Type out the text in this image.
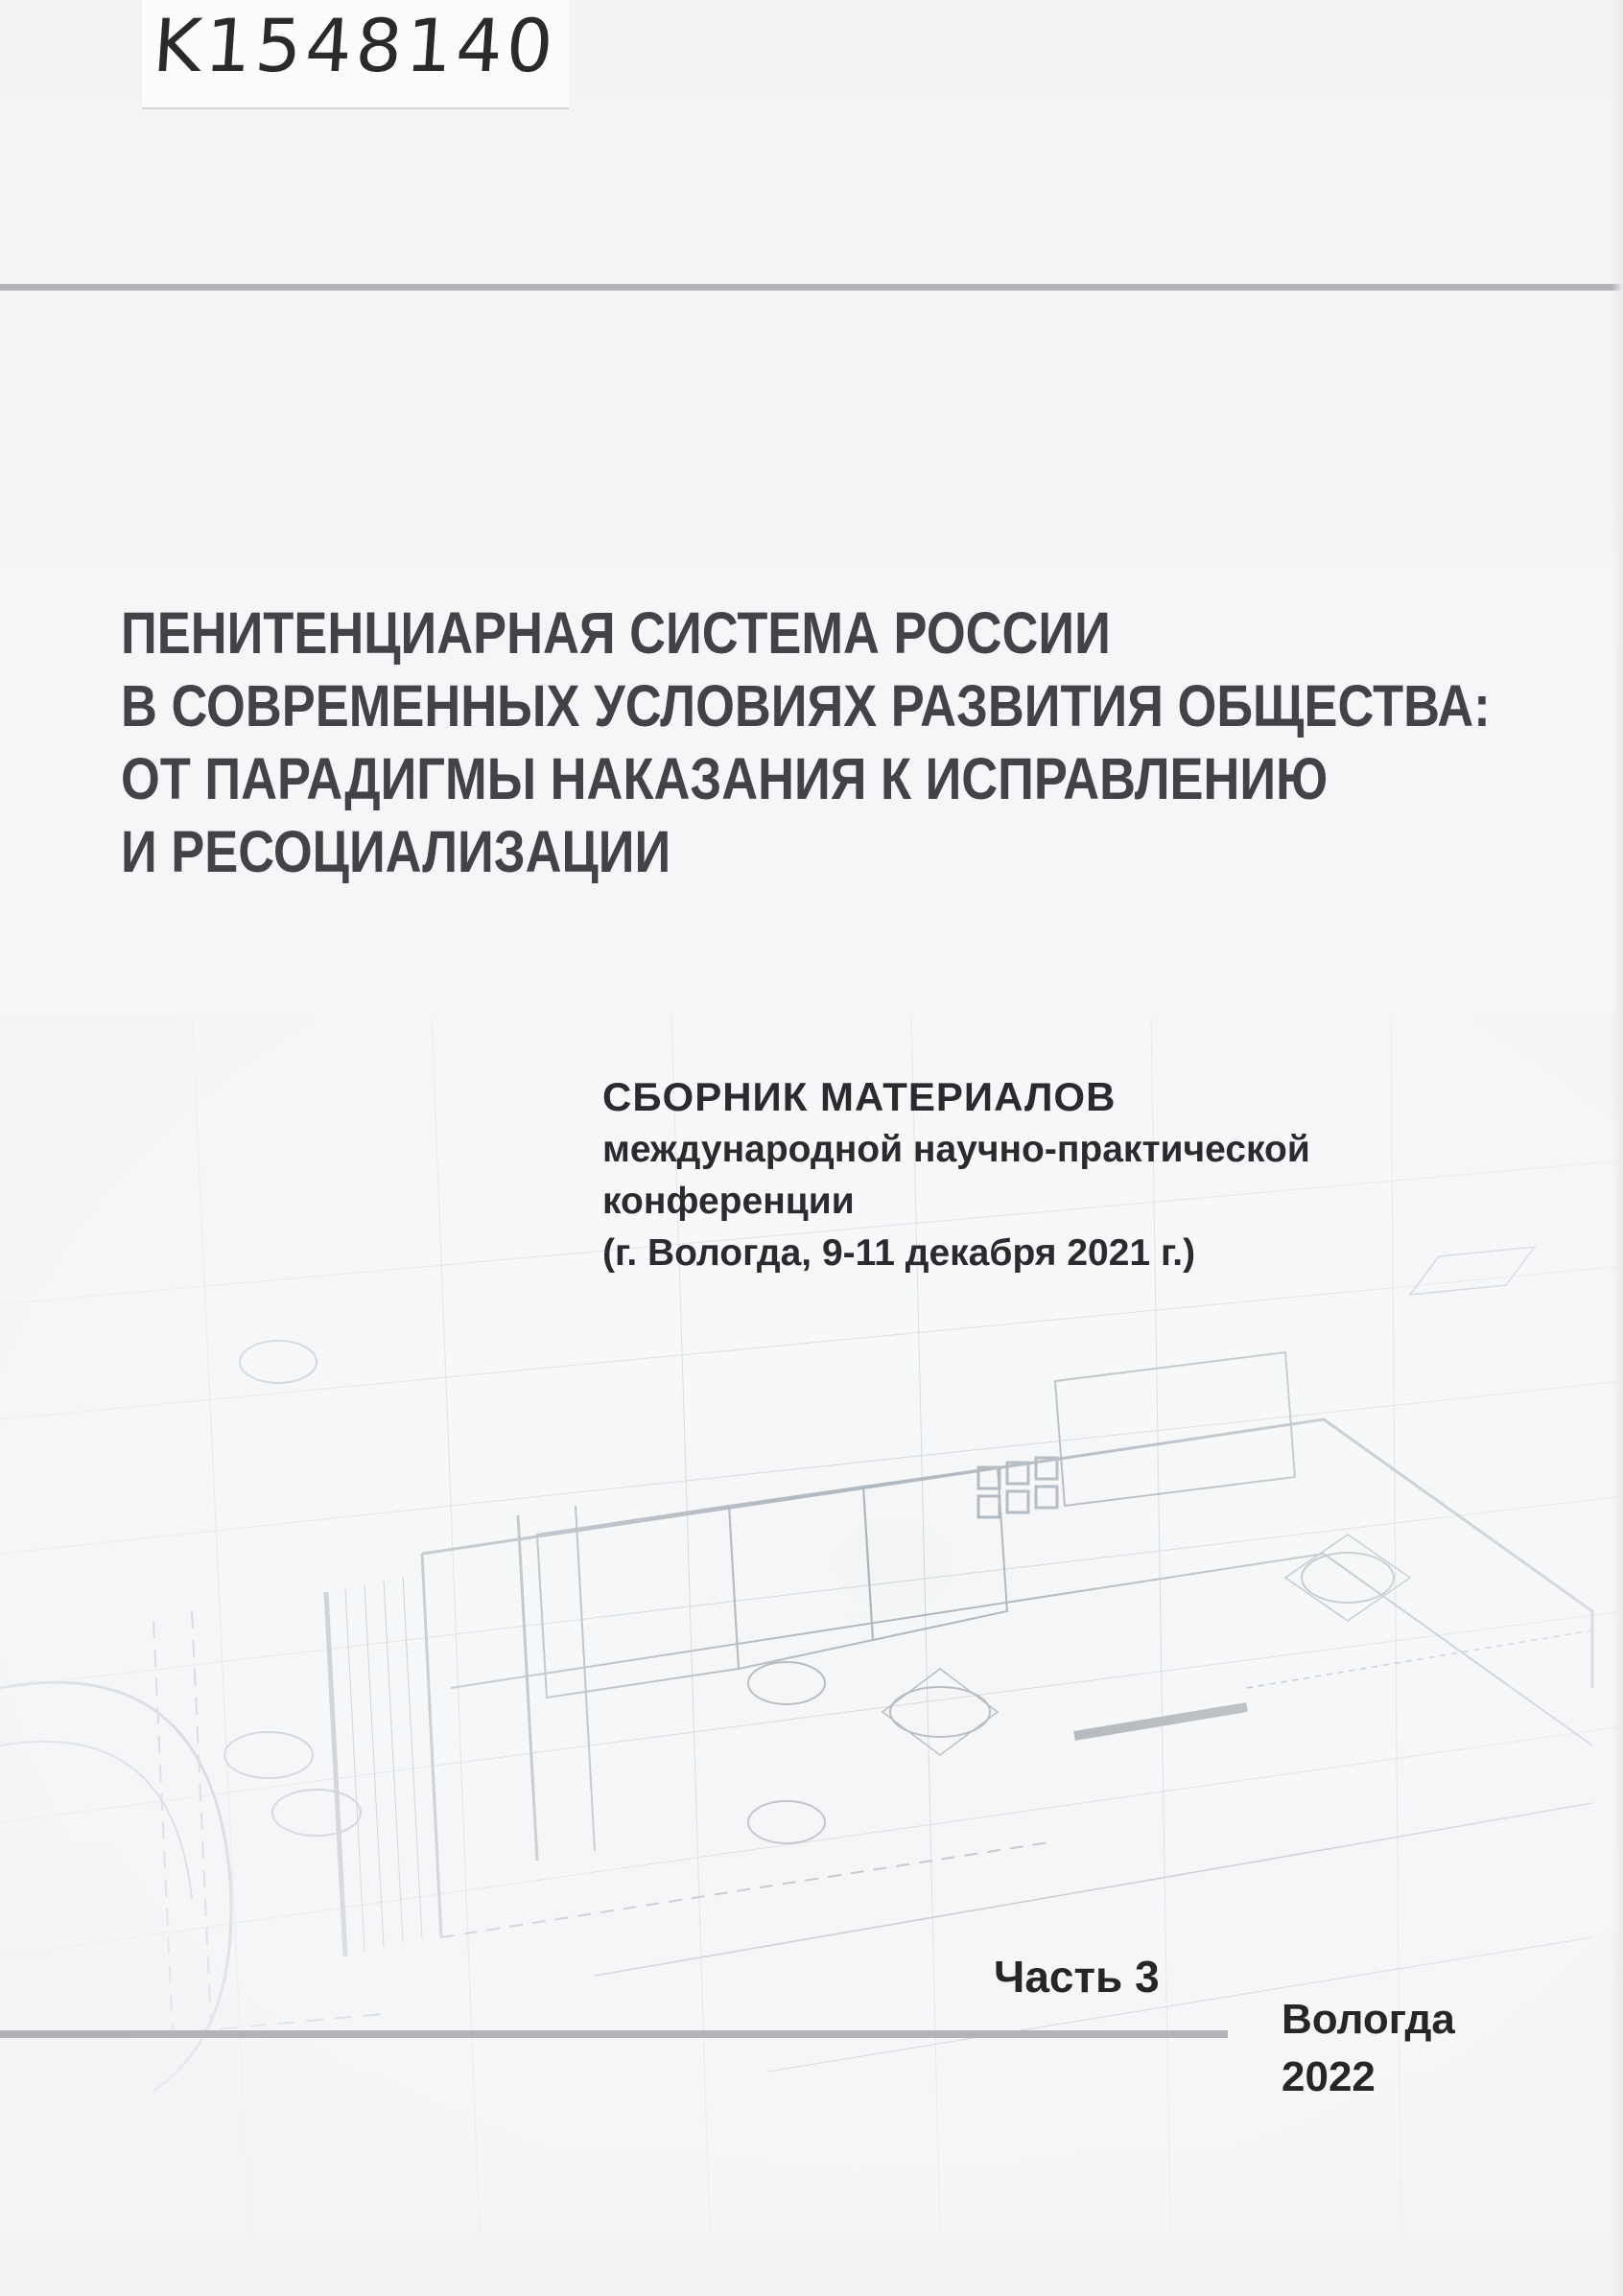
K1548140
ПЕНИТЕНЦИАРНАЯ СИСТЕМА РОССИИ
В СОВРЕМЕННЫХ УСЛОВИЯХ РАЗВИТИЯ ОБЩЕСТВА:
ОТ ПАРАДИГМЫ НАКАЗАНИЯ К ИСПРАВЛЕНИЮ
И РЕСОЦИАЛИЗАЦИИ
СБОРНИК МАТЕРИАЛОВ
международной научно-практической
конференции
(г. Вологда, 9-11 декабря 2021 г.)
Часть 3
Вологда
2022
